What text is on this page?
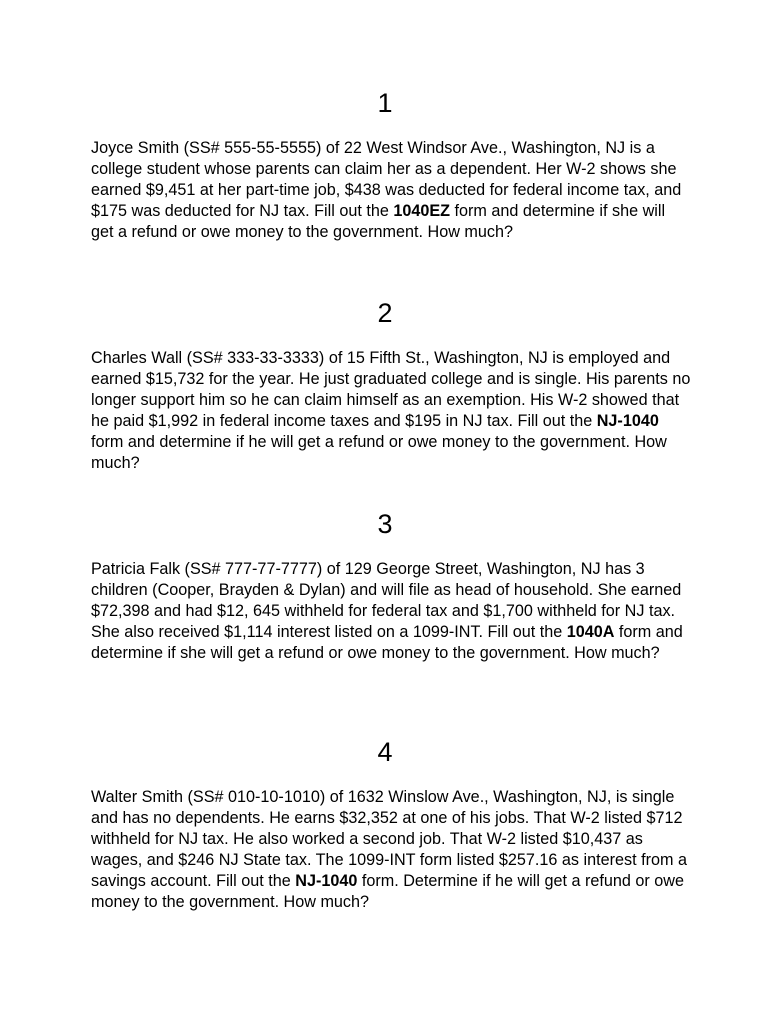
1
Joyce Smith (SS# 555-55-5555) of 22 West Windsor Ave., Washington, NJ is a college student whose parents can claim her as a dependent. Her W-2 shows she earned $9,451 at her part-time job, $438 was deducted for federal income tax, and $175 was deducted for NJ tax. Fill out the 1040EZ form and determine if she will get a refund or owe money to the government. How much?
2
Charles Wall (SS# 333-33-3333) of 15 Fifth St., Washington, NJ is employed and earned $15,732 for the year. He just graduated college and is single. His parents no longer support him so he can claim himself as an exemption. His W-2 showed that he paid $1,992 in federal income taxes and $195 in NJ tax. Fill out the NJ-1040 form and determine if he will get a refund or owe money to the government. How much?
3
Patricia Falk (SS# 777-77-7777) of 129 George Street, Washington, NJ has 3 children (Cooper, Brayden & Dylan) and will file as head of household. She earned $72,398 and had $12, 645 withheld for federal tax and $1,700 withheld for NJ tax. She also received $1,114 interest listed on a 1099-INT. Fill out the 1040A form and determine if she will get a refund or owe money to the government. How much?
4
Walter Smith (SS# 010-10-1010) of 1632 Winslow Ave., Washington, NJ, is single and has no dependents. He earns $32,352 at one of his jobs. That W-2 listed $712 withheld for NJ tax. He also worked a second job. That W-2 listed $10,437 as wages, and $246 NJ State tax. The 1099-INT form listed $257.16 as interest from a savings account. Fill out the NJ-1040 form. Determine if he will get a refund or owe money to the government. How much?
